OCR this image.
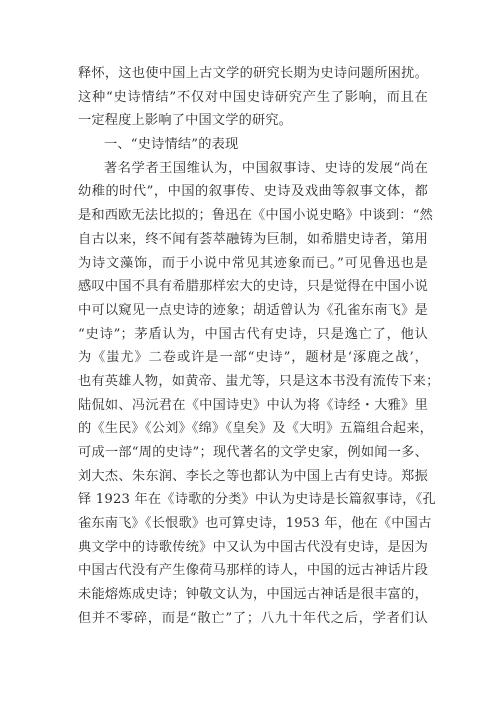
释怀，这也使中国上古文学的研究长期为史诗问题所困扰。
这种“史诗情结”不仅对中国史诗研究产生了影响，而且在
一定程度上影响了中国文学的研究。
一、“史诗情结”的表现
著名学者王国维认为，中国叙事诗、史诗的发展“尚在
幼稚的时代”，中国的叙事传、史诗及戏曲等叙事文体，都
是和西欧无法比拟的；鲁迅在《中国小说史略》中谈到：“然
自古以来，终不闻有荟萃融铸为巨制，如希腊史诗者，第用
为诗文藻饰，而于小说中常见其迹象而已。”可见鲁迅也是
感叹中国不具有希腊那样宏大的史诗，只是觉得在中国小说
中可以窥见一点史诗的迹象；胡适曾认为《孔雀东南飞》是
“史诗”；茅盾认为，中国古代有史诗，只是逸亡了，他认
为《蚩尤》二卷或许是一部“史诗”，题材是‘涿鹿之战’，
也有英雄人物，如黄帝、蚩尤等，只是这本书没有流传下来；
陆侃如、冯沅君在《中国诗史》中认为将《诗经・大雅》里
的《生民》《公刘》《绵》《皇矣》及《大明》五篇组合起来，
可成一部“周的史诗”；现代著名的文学史家，例如闻一多、
刘大杰、朱东润、李长之等也都认为中国上古有史诗。郑振
铎 1923 年在《诗歌的分类》中认为史诗是长篇叙事诗，《孔
雀东南飞》《长恨歌》也可算史诗，1953 年，他在《中国古
典文学中的诗歌传统》中又认为中国古代没有史诗，是因为
中国古代没有产生像荷马那样的诗人，中国的远古神话片段
未能熔炼成史诗；钟敬文认为，中国远古神话是很丰富的，
但并不零碎，而是“散亡”了；八九十年代之后，学者们认
